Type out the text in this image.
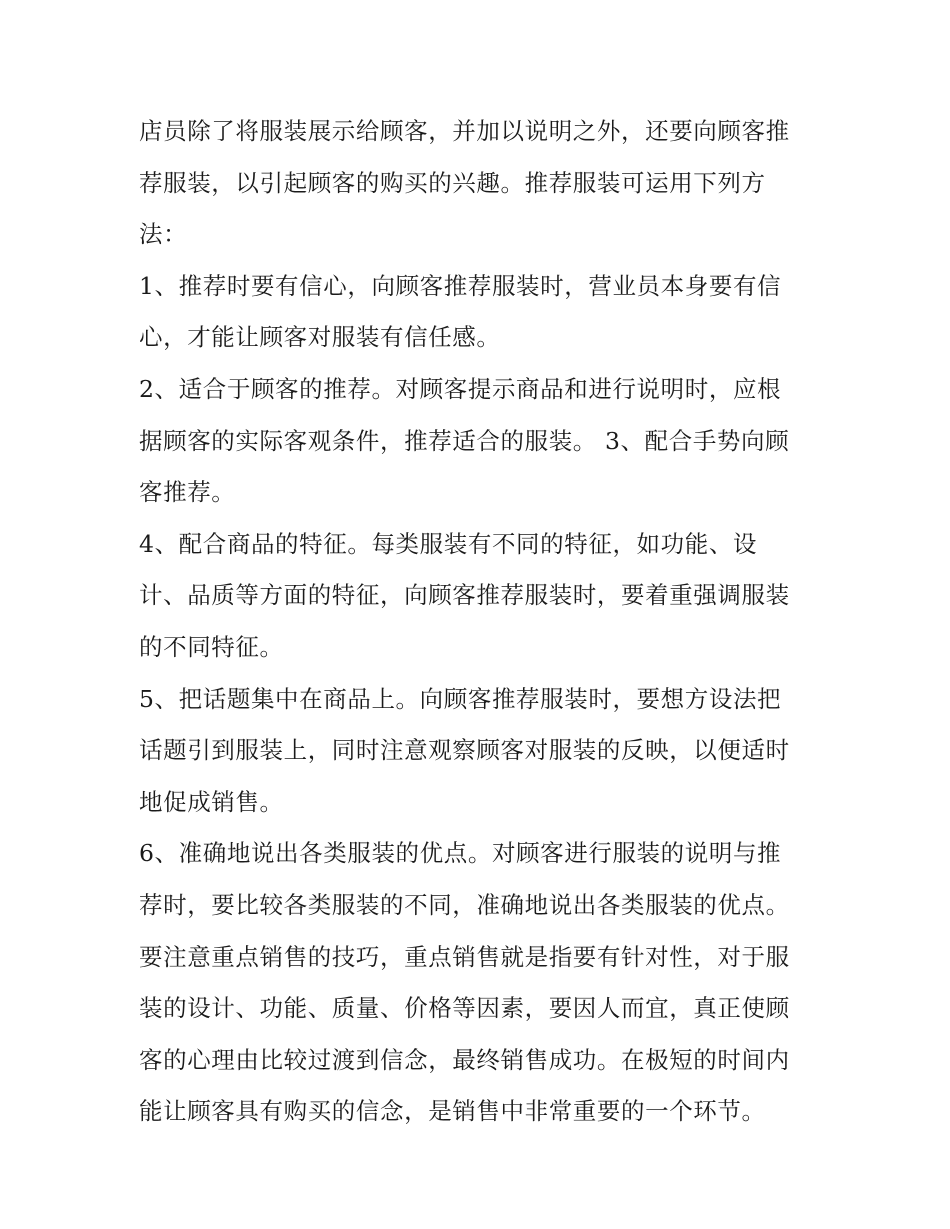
店员除了将服装展示给顾客，并加以说明之外，还要向顾客推
荐服装，以引起顾客的购买的兴趣。推荐服装可运用下列方
法：
1、推荐时要有信心，向顾客推荐服装时，营业员本身要有信
心，才能让顾客对服装有信任感。
2、适合于顾客的推荐。对顾客提示商品和进行说明时，应根
据顾客的实际客观条件，推荐适合的服装。 3、配合手势向顾
客推荐。
4、配合商品的特征。每类服装有不同的特征，如功能、设
计、品质等方面的特征，向顾客推荐服装时，要着重强调服装
的不同特征。
5、把话题集中在商品上。向顾客推荐服装时，要想方设法把
话题引到服装上，同时注意观察顾客对服装的反映，以便适时
地促成销售。
6、准确地说出各类服装的优点。对顾客进行服装的说明与推
荐时，要比较各类服装的不同，准确地说出各类服装的优点。
要注意重点销售的技巧，重点销售就是指要有针对性，对于服
装的设计、功能、质量、价格等因素，要因人而宜，真正使顾
客的心理由比较过渡到信念，最终销售成功。在极短的时间内
能让顾客具有购买的信念，是销售中非常重要的一个环节。
